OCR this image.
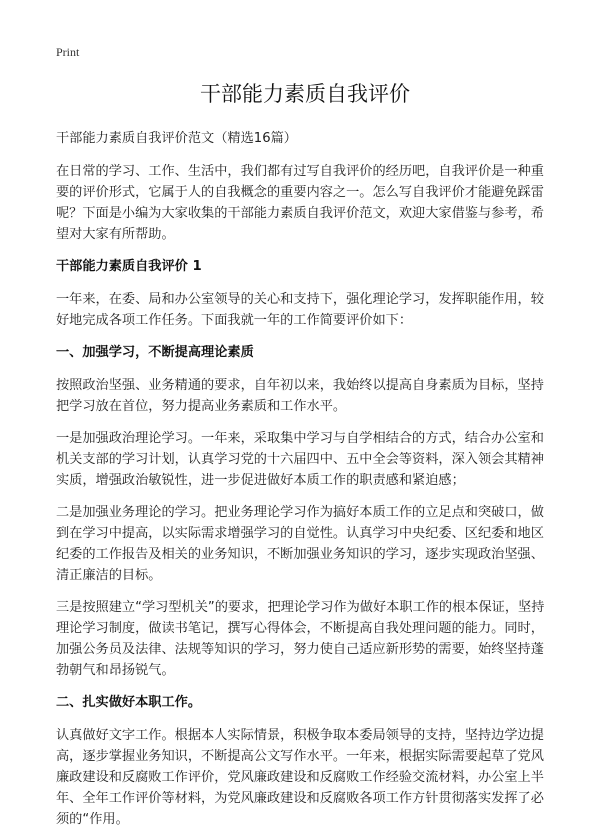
Print
干部能力素质自我评价

干部能力素质自我评价范文（精选16篇）

在日常的学习、工作、生活中，我们都有过写自我评价的经历吧，自我评价是一种重要的评价形式，它属于人的自我概念的重要内容之一。怎么写自我评价才能避免踩雷呢？下面是小编为大家收集的干部能力素质自我评价范文，欢迎大家借鉴与参考，希望对大家有所帮助。

干部能力素质自我评价 1

一年来，在委、局和办公室领导的关心和支持下，强化理论学习，发挥职能作用，较好地完成各项工作任务。下面我就一年的工作简要评价如下：

一、加强学习，不断提高理论素质

按照政治坚强、业务精通的要求，自年初以来，我始终以提高自身素质为目标，坚持把学习放在首位，努力提高业务素质和工作水平。

一是加强政治理论学习。一年来，采取集中学习与自学相结合的方式，结合办公室和机关支部的学习计划，认真学习党的十六届四中、五中全会等资料，深入领会其精神实质，增强政治敏锐性，进一步促进做好本质工作的职责感和紧迫感；

二是加强业务理论的学习。把业务理论学习作为搞好本质工作的立足点和突破口，做到在学习中提高，以实际需求增强学习的自觉性。认真学习中央纪委、区纪委和地区纪委的工作报告及相关的业务知识，不断加强业务知识的学习，逐步实现政治坚强、清正廉洁的目标。

三是按照建立“学习型机关”的要求，把理论学习作为做好本职工作的根本保证，坚持理论学习制度，做读书笔记，撰写心得体会，不断提高自我处理问题的能力。同时，加强公务员及法律、法规等知识的学习，努力使自己适应新形势的需要，始终坚持蓬勃朝气和昂扬锐气。

二、扎实做好本职工作。

认真做好文字工作。根据本人实际情景，积极争取本委局领导的支持，坚持边学边提高，逐步掌握业务知识，不断提高公文写作水平。一年来，根据实际需要起草了党风廉政建设和反腐败工作评价，党风廉政建设和反腐败工作经验交流材料，办公室上半年、全年工作评价等材料，为党风廉政建设和反腐败各项工作方针贯彻落实发挥了必须的“作用。
